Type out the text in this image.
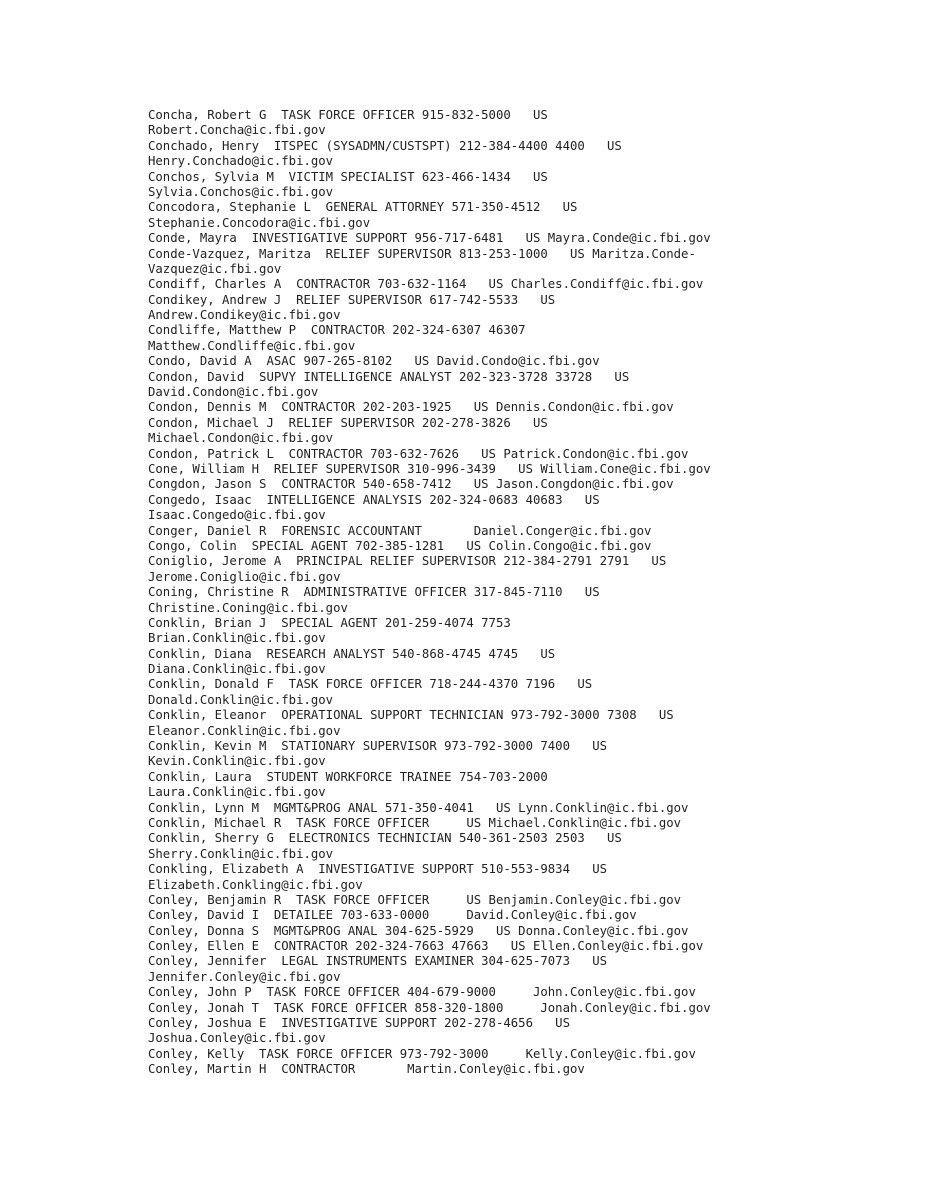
Concha, Robert G  TASK FORCE OFFICER 915-832-5000   US
Robert.Concha@ic.fbi.gov
Conchado, Henry  ITSPEC (SYSADMN/CUSTSPT) 212-384-4400 4400   US
Henry.Conchado@ic.fbi.gov
Conchos, Sylvia M  VICTIM SPECIALIST 623-466-1434   US
Sylvia.Conchos@ic.fbi.gov
Concodora, Stephanie L  GENERAL ATTORNEY 571-350-4512   US
Stephanie.Concodora@ic.fbi.gov
Conde, Mayra  INVESTIGATIVE SUPPORT 956-717-6481   US Mayra.Conde@ic.fbi.gov
Conde-Vazquez, Maritza  RELIEF SUPERVISOR 813-253-1000   US Maritza.Conde-
Vazquez@ic.fbi.gov
Condiff, Charles A  CONTRACTOR 703-632-1164   US Charles.Condiff@ic.fbi.gov
Condikey, Andrew J  RELIEF SUPERVISOR 617-742-5533   US
Andrew.Condikey@ic.fbi.gov
Condliffe, Matthew P  CONTRACTOR 202-324-6307 46307
Matthew.Condliffe@ic.fbi.gov
Condo, David A  ASAC 907-265-8102   US David.Condo@ic.fbi.gov
Condon, David  SUPVY INTELLIGENCE ANALYST 202-323-3728 33728   US
David.Condon@ic.fbi.gov
Condon, Dennis M  CONTRACTOR 202-203-1925   US Dennis.Condon@ic.fbi.gov
Condon, Michael J  RELIEF SUPERVISOR 202-278-3826   US
Michael.Condon@ic.fbi.gov
Condon, Patrick L  CONTRACTOR 703-632-7626   US Patrick.Condon@ic.fbi.gov
Cone, William H  RELIEF SUPERVISOR 310-996-3439   US William.Cone@ic.fbi.gov
Congdon, Jason S  CONTRACTOR 540-658-7412   US Jason.Congdon@ic.fbi.gov
Congedo, Isaac  INTELLIGENCE ANALYSIS 202-324-0683 40683   US
Isaac.Congedo@ic.fbi.gov
Conger, Daniel R  FORENSIC ACCOUNTANT       Daniel.Conger@ic.fbi.gov
Congo, Colin  SPECIAL AGENT 702-385-1281   US Colin.Congo@ic.fbi.gov
Coniglio, Jerome A  PRINCIPAL RELIEF SUPERVISOR 212-384-2791 2791   US
Jerome.Coniglio@ic.fbi.gov
Coning, Christine R  ADMINISTRATIVE OFFICER 317-845-7110   US
Christine.Coning@ic.fbi.gov
Conklin, Brian J  SPECIAL AGENT 201-259-4074 7753
Brian.Conklin@ic.fbi.gov
Conklin, Diana  RESEARCH ANALYST 540-868-4745 4745   US
Diana.Conklin@ic.fbi.gov
Conklin, Donald F  TASK FORCE OFFICER 718-244-4370 7196   US
Donald.Conklin@ic.fbi.gov
Conklin, Eleanor  OPERATIONAL SUPPORT TECHNICIAN 973-792-3000 7308   US
Eleanor.Conklin@ic.fbi.gov
Conklin, Kevin M  STATIONARY SUPERVISOR 973-792-3000 7400   US
Kevin.Conklin@ic.fbi.gov
Conklin, Laura  STUDENT WORKFORCE TRAINEE 754-703-2000
Laura.Conklin@ic.fbi.gov
Conklin, Lynn M  MGMT&PROG ANAL 571-350-4041   US Lynn.Conklin@ic.fbi.gov
Conklin, Michael R  TASK FORCE OFFICER     US Michael.Conklin@ic.fbi.gov
Conklin, Sherry G  ELECTRONICS TECHNICIAN 540-361-2503 2503   US
Sherry.Conklin@ic.fbi.gov
Conkling, Elizabeth A  INVESTIGATIVE SUPPORT 510-553-9834   US
Elizabeth.Conkling@ic.fbi.gov
Conley, Benjamin R  TASK FORCE OFFICER     US Benjamin.Conley@ic.fbi.gov
Conley, David I  DETAILEE 703-633-0000     David.Conley@ic.fbi.gov
Conley, Donna S  MGMT&PROG ANAL 304-625-5929   US Donna.Conley@ic.fbi.gov
Conley, Ellen E  CONTRACTOR 202-324-7663 47663   US Ellen.Conley@ic.fbi.gov
Conley, Jennifer  LEGAL INSTRUMENTS EXAMINER 304-625-7073   US
Jennifer.Conley@ic.fbi.gov
Conley, John P  TASK FORCE OFFICER 404-679-9000     John.Conley@ic.fbi.gov
Conley, Jonah T  TASK FORCE OFFICER 858-320-1800     Jonah.Conley@ic.fbi.gov
Conley, Joshua E  INVESTIGATIVE SUPPORT 202-278-4656   US
Joshua.Conley@ic.fbi.gov
Conley, Kelly  TASK FORCE OFFICER 973-792-3000     Kelly.Conley@ic.fbi.gov
Conley, Martin H  CONTRACTOR       Martin.Conley@ic.fbi.gov
